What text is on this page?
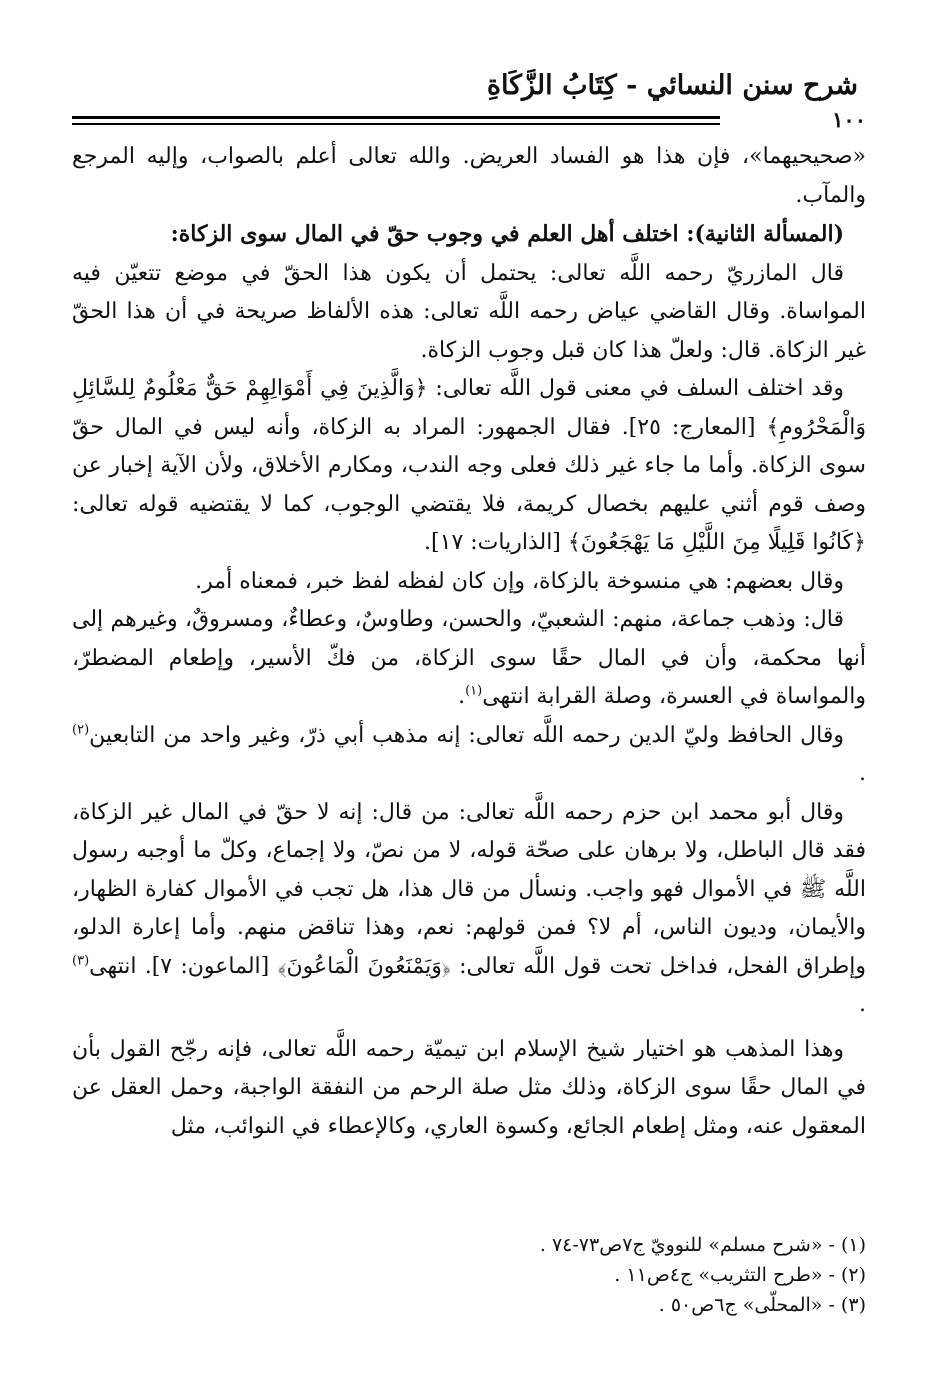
شرح سنن النسائي - كِتَابُ الزَّكَاةِ
١٠٠

«صحيحيهما»، فإن هذا هو الفساد العريض. والله تعالى أعلم بالصواب، وإليه المرجع والمآب.

(المسألة الثانية): اختلف أهل العلم في وجوب حقّ في المال سوى الزكاة:

قال المازريّ رحمه اللَّه تعالى: يحتمل أن يكون هذا الحقّ في موضع تتعيّن فيه المواساة. وقال القاضي عياض رحمه اللَّه تعالى: هذه الألفاظ صريحة في أن هذا الحقّ غير الزكاة. قال: ولعلّ هذا كان قبل وجوب الزكاة.

وقد اختلف السلف في معنى قول اللَّه تعالى: ﴿وَالَّذِينَ فِي أَمْوَالِهِمْ حَقٌّ مَعْلُومٌ لِلسَّائِلِ وَالْمَحْرُومِ﴾ [المعارج: ٢٥]. فقال الجمهور: المراد به الزكاة، وأنه ليس في المال حقّ سوى الزكاة. وأما ما جاء غير ذلك فعلى وجه الندب، ومكارم الأخلاق، ولأن الآية إخبار عن وصف قوم أثني عليهم بخصال كريمة، فلا يقتضي الوجوب، كما لا يقتضيه قوله تعالى: ﴿كَانُوا قَلِيلًا مِنَ اللَّيْلِ مَا يَهْجَعُونَ﴾ [الذاريات: ١٧].

وقال بعضهم: هي منسوخة بالزكاة، وإن كان لفظه لفظ خبر، فمعناه أمر.

قال: وذهب جماعة، منهم: الشعبيّ، والحسن، وطاوسٌ، وعطاءٌ، ومسروقٌ، وغيرهم إلى أنها محكمة، وأن في المال حقًا سوى الزكاة، من فكّ الأسير، وإطعام المضطرّ، والمواساة في العسرة، وصلة القرابة انتهى$^{(١)}$.

وقال الحافظ وليّ الدين رحمه اللَّه تعالى: إنه مذهب أبي ذرّ، وغير واحد من التابعين$^{(٢)}$ .

وقال أبو محمد ابن حزم رحمه اللَّه تعالى: من قال: إنه لا حقّ في المال غير الزكاة، فقد قال الباطل، ولا برهان على صحّة قوله، لا من نصّ، ولا إجماع، وكلّ ما أوجبه رسول اللَّه ﷺ في الأموال فهو واجب. ونسأل من قال هذا، هل تجب في الأموال كفارة الظهار، والأيمان، وديون الناس، أم لا؟ فمن قولهم: نعم، وهذا تناقض منهم. وأما إعارة الدلو، وإطراق الفحل، فداخل تحت قول اللَّه تعالى: ﴿وَيَمْنَعُونَ الْمَاعُونَ﴾ [الماعون: ٧]. انتهى$^{(٣)}$ .

وهذا المذهب هو اختيار شيخ الإسلام ابن تيميّة رحمه اللَّه تعالى، فإنه رجّح القول بأن في المال حقًا سوى الزكاة، وذلك مثل صلة الرحم من النفقة الواجبة، وحمل العقل عن المعقول عنه، ومثل إطعام الجائع، وكسوة العاري، وكالإعطاء في النوائب، مثل

(١) - «شرح مسلم» للنوويّ ج٧ص٧٣-٧٤ .
(٢) - «طرح التثريب» ج٤ص١١ .
(٣) - «المحلّى» ج٦ص٥٠ .
